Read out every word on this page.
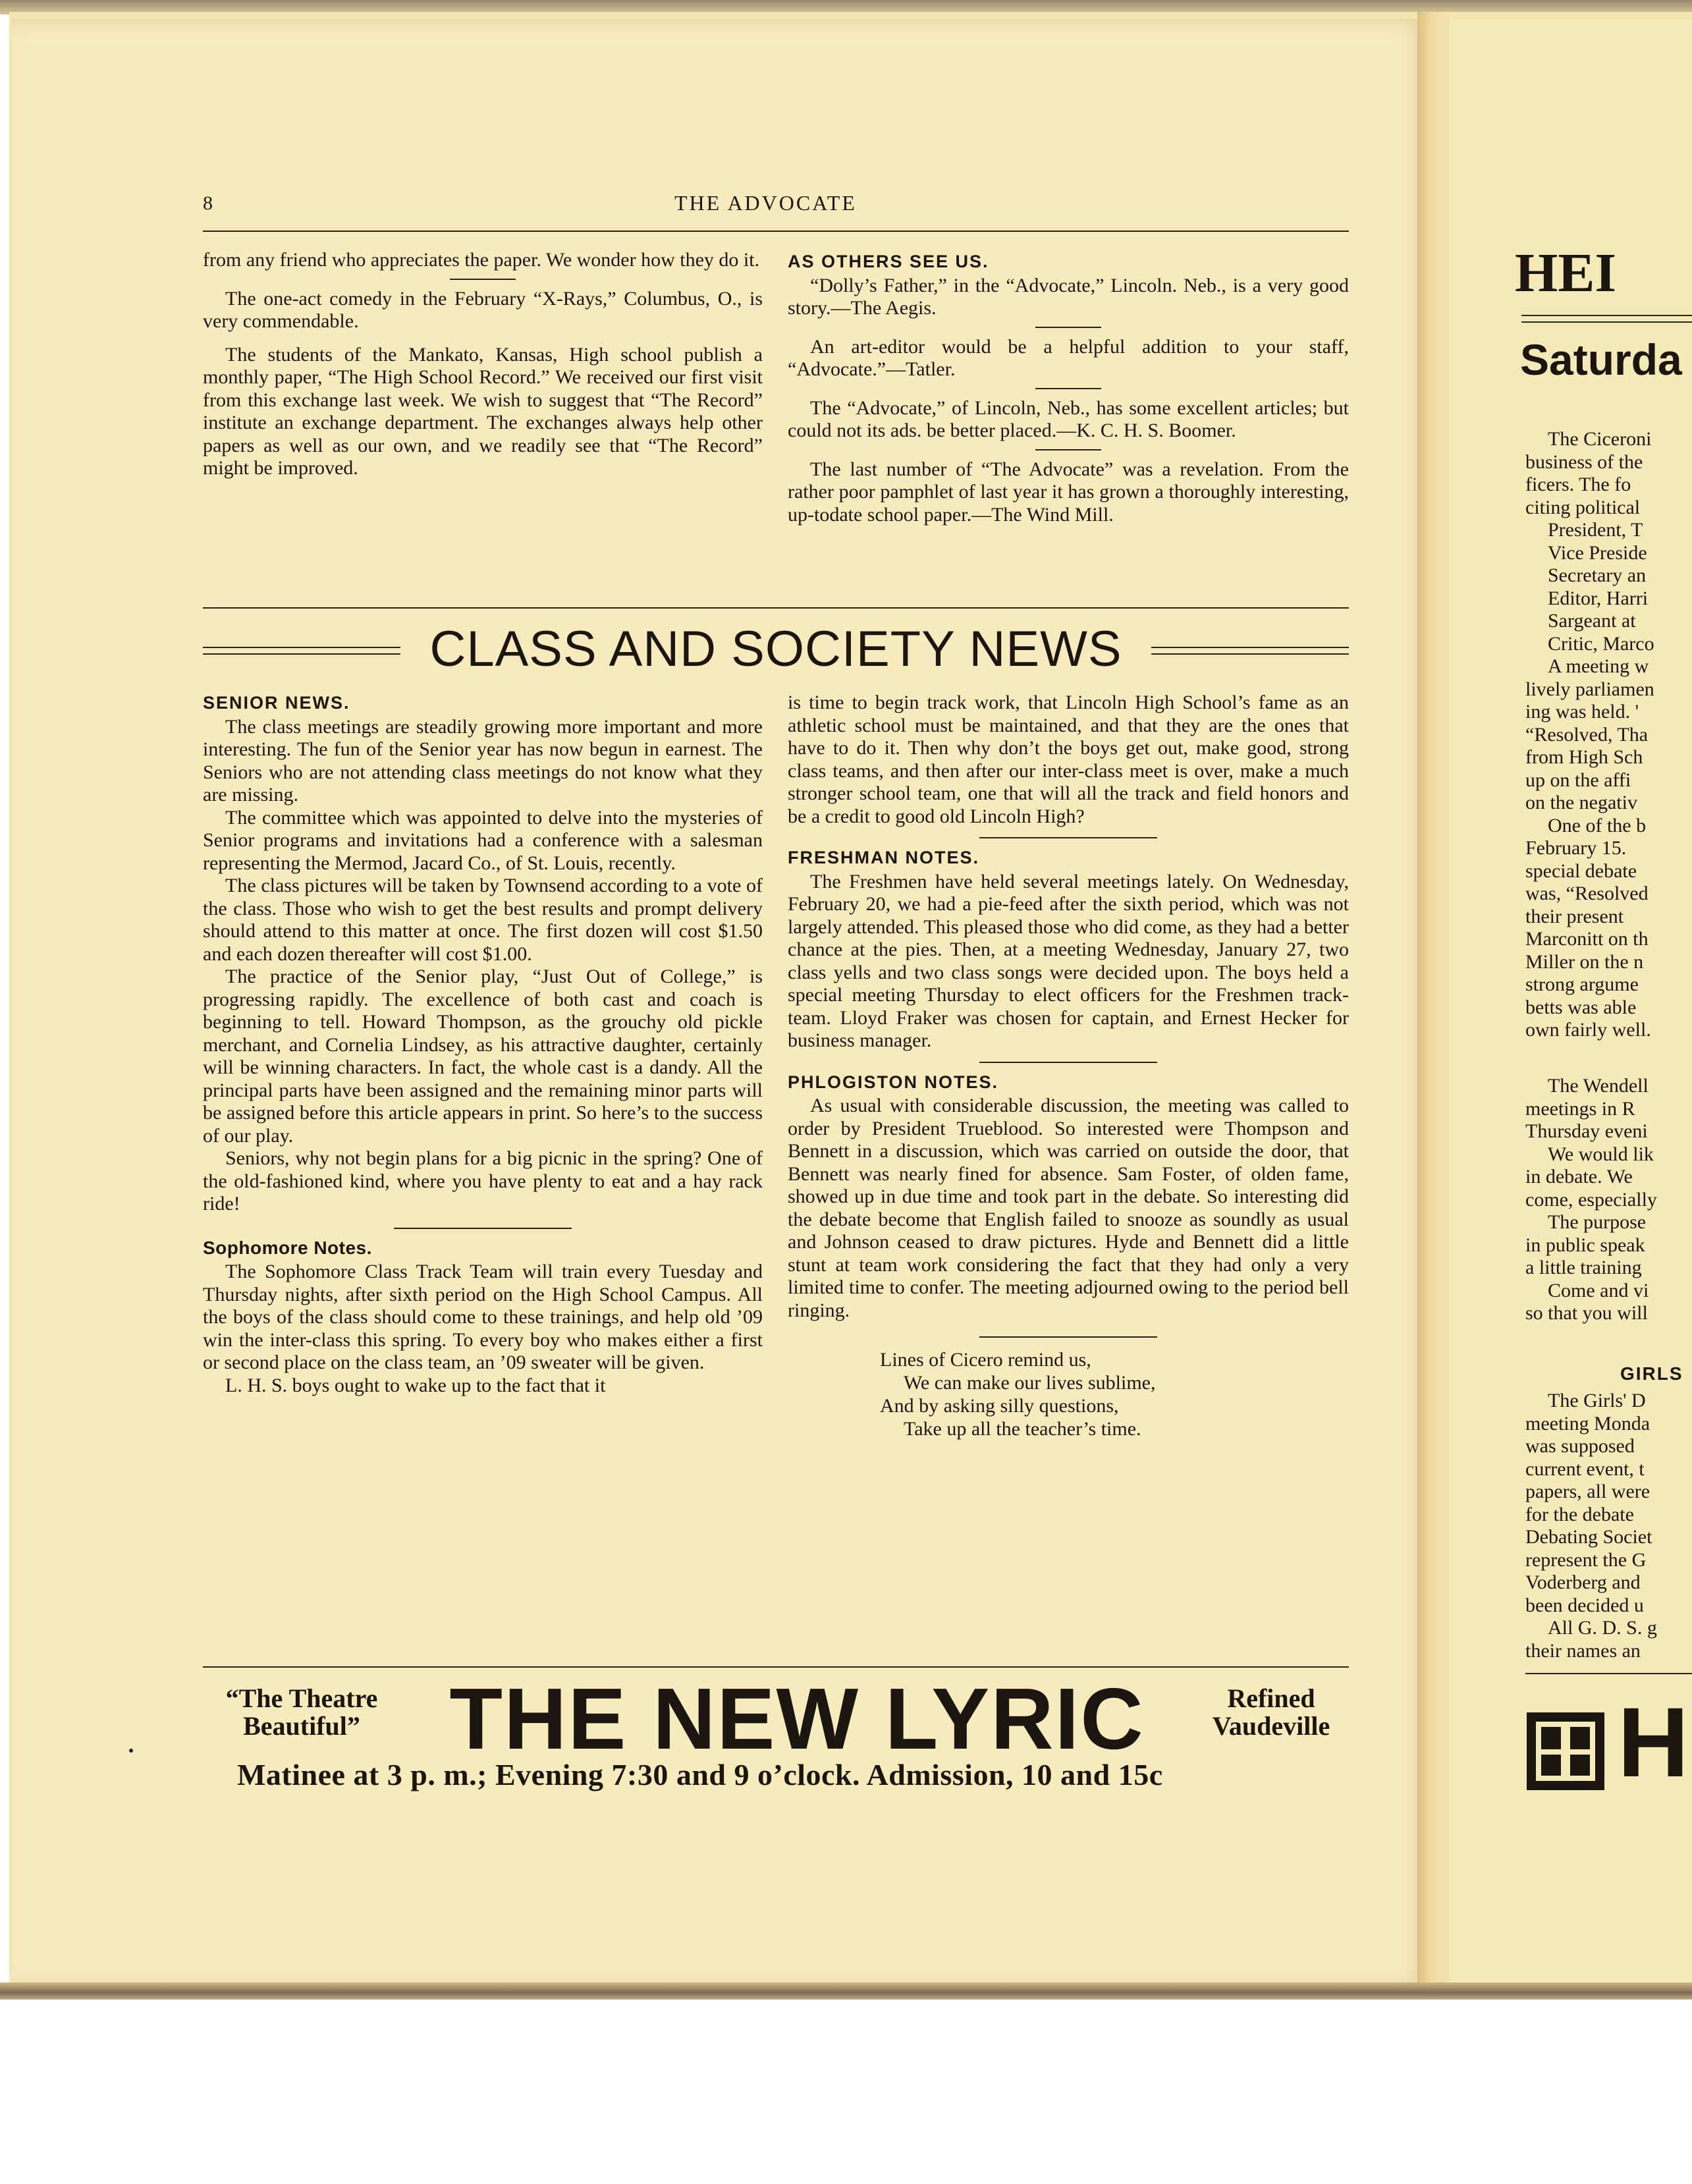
8	THE ADVOCATE

from any friend who appreciates the paper. We wonder how they do it.

The one-act comedy in the February “X-Rays,” Columbus, O., is very commendable.

The students of the Mankato, Kansas, High school publish a monthly paper, “The High School Record.” We received our first visit from this exchange last week. We wish to suggest that “The Record” institute an exchange department. The exchanges always help other papers as well as our own, and we readily see that “The Record” might be improved.

AS OTHERS SEE US.

“Dolly’s Father,” in the “Advocate,” Lincoln. Neb., is a very good story.—The Aegis.

An art-editor would be a helpful addition to your staff, “Advocate.”—Tatler.

The “Advocate,” of Lincoln, Neb., has some excellent articles; but could not its ads. be better placed.—K. C. H. S. Boomer.

The last number of “The Advocate” was a revelation. From the rather poor pamphlet of last year it has grown a thoroughly interesting, up-todate school paper.—The Wind Mill.

CLASS AND SOCIETY NEWS
SENIOR NEWS.

The class meetings are steadily growing more important and more interesting. The fun of the Senior year has now begun in earnest. The Seniors who are not attending class meetings do not know what they are missing.

The committee which was appointed to delve into the mysteries of Senior programs and invitations had a conference with a salesman representing the Mermod, Jacard Co., of St. Louis, recently.

The class pictures will be taken by Townsend according to a vote of the class. Those who wish to get the best results and prompt delivery should attend to this matter at once. The first dozen will cost $1.50 and each dozen thereafter will cost $1.00.

The practice of the Senior play, “Just Out of College,” is progressing rapidly. The excellence of both cast and coach is beginning to tell. Howard Thompson, as the grouchy old pickle merchant, and Cornelia Lindsey, as his attractive daughter, certainly will be winning characters. In fact, the whole cast is a dandy. All the principal parts have been assigned and the remaining minor parts will be assigned before this article appears in print. So here’s to the success of our play.

Seniors, why not begin plans for a big picnic in the spring? One of the old-fashioned kind, where you have plenty to eat and a hay rack ride!

Sophomore Notes.

The Sophomore Class Track Team will train every Tuesday and Thursday nights, after sixth period on the High School Campus. All the boys of the class should come to these trainings, and help old ’09 win the inter-class this spring. To every boy who makes either a first or second place on the class team, an ’09 sweater will be given.

L. H. S. boys ought to wake up to the fact that it

is time to begin track work, that Lincoln High School’s fame as an athletic school must be maintained, and that they are the ones that have to do it. Then why don’t the boys get out, make good, strong class teams, and then after our inter-class meet is over, make a much stronger school team, one that will all the track and field honors and be a credit to good old Lincoln High?

FRESHMAN NOTES.

The Freshmen have held several meetings lately. On Wednesday, February 20, we had a pie-feed after the sixth period, which was not largely attended. This pleased those who did come, as they had a better chance at the pies. Then, at a meeting Wednesday, January 27, two class yells and two class songs were decided upon. The boys held a special meeting Thursday to elect officers for the Freshmen track-team. Lloyd Fraker was chosen for captain, and Ernest Hecker for business manager.

PHLOGISTON NOTES.

As usual with considerable discussion, the meeting was called to order by President Trueblood. So interested were Thompson and Bennett in a discussion, which was carried on outside the door, that Bennett was nearly fined for absence. Sam Foster, of olden fame, showed up in due time and took part in the debate. So interesting did the debate become that English failed to snooze as soundly as usual and Johnson ceased to draw pictures. Hyde and Bennett did a little stunt at team work considering the fact that they had only a very limited time to confer. The meeting adjourned owing to the period bell ringing.

Lines of Cicero remind us,
We can make our lives sublime,
And by asking silly questions,
Take up all the teacher’s time.
“The Theatre
Beautiful”	THE NEW LYRIC	Refined
Vaudeville
Matinee at 3 p. m.; Evening 7:30 and 9 o’clock. Admission, 10 and 15c
HEI
Saturda
The Ciceroni
business of the
ficers. The fo
citing political
President, T
Vice Preside
Secretary an
Editor, Harri
Sargeant at
Critic, Marco
A meeting w
lively parliamen
ing was held. '
“Resolved, Tha
from High Sch
up on the affi
on the negativ
One of the b
February 15.
special debate
was, “Resolved
their present
Marconitt on th
Miller on the n
strong argume
betts was able
own fairly well.
The Wendell
meetings in R
Thursday eveni
We would lik
in debate. We
come, especially
The purpose
in public speak
a little training
Come and vi
so that you will
GIRLS
The Girls' D
meeting Monda
was supposed
current event, t
papers, all were
for the debate
Debating Societ
represent the G
Voderberg and
been decided u
All G. D. S. g
their names an
H
